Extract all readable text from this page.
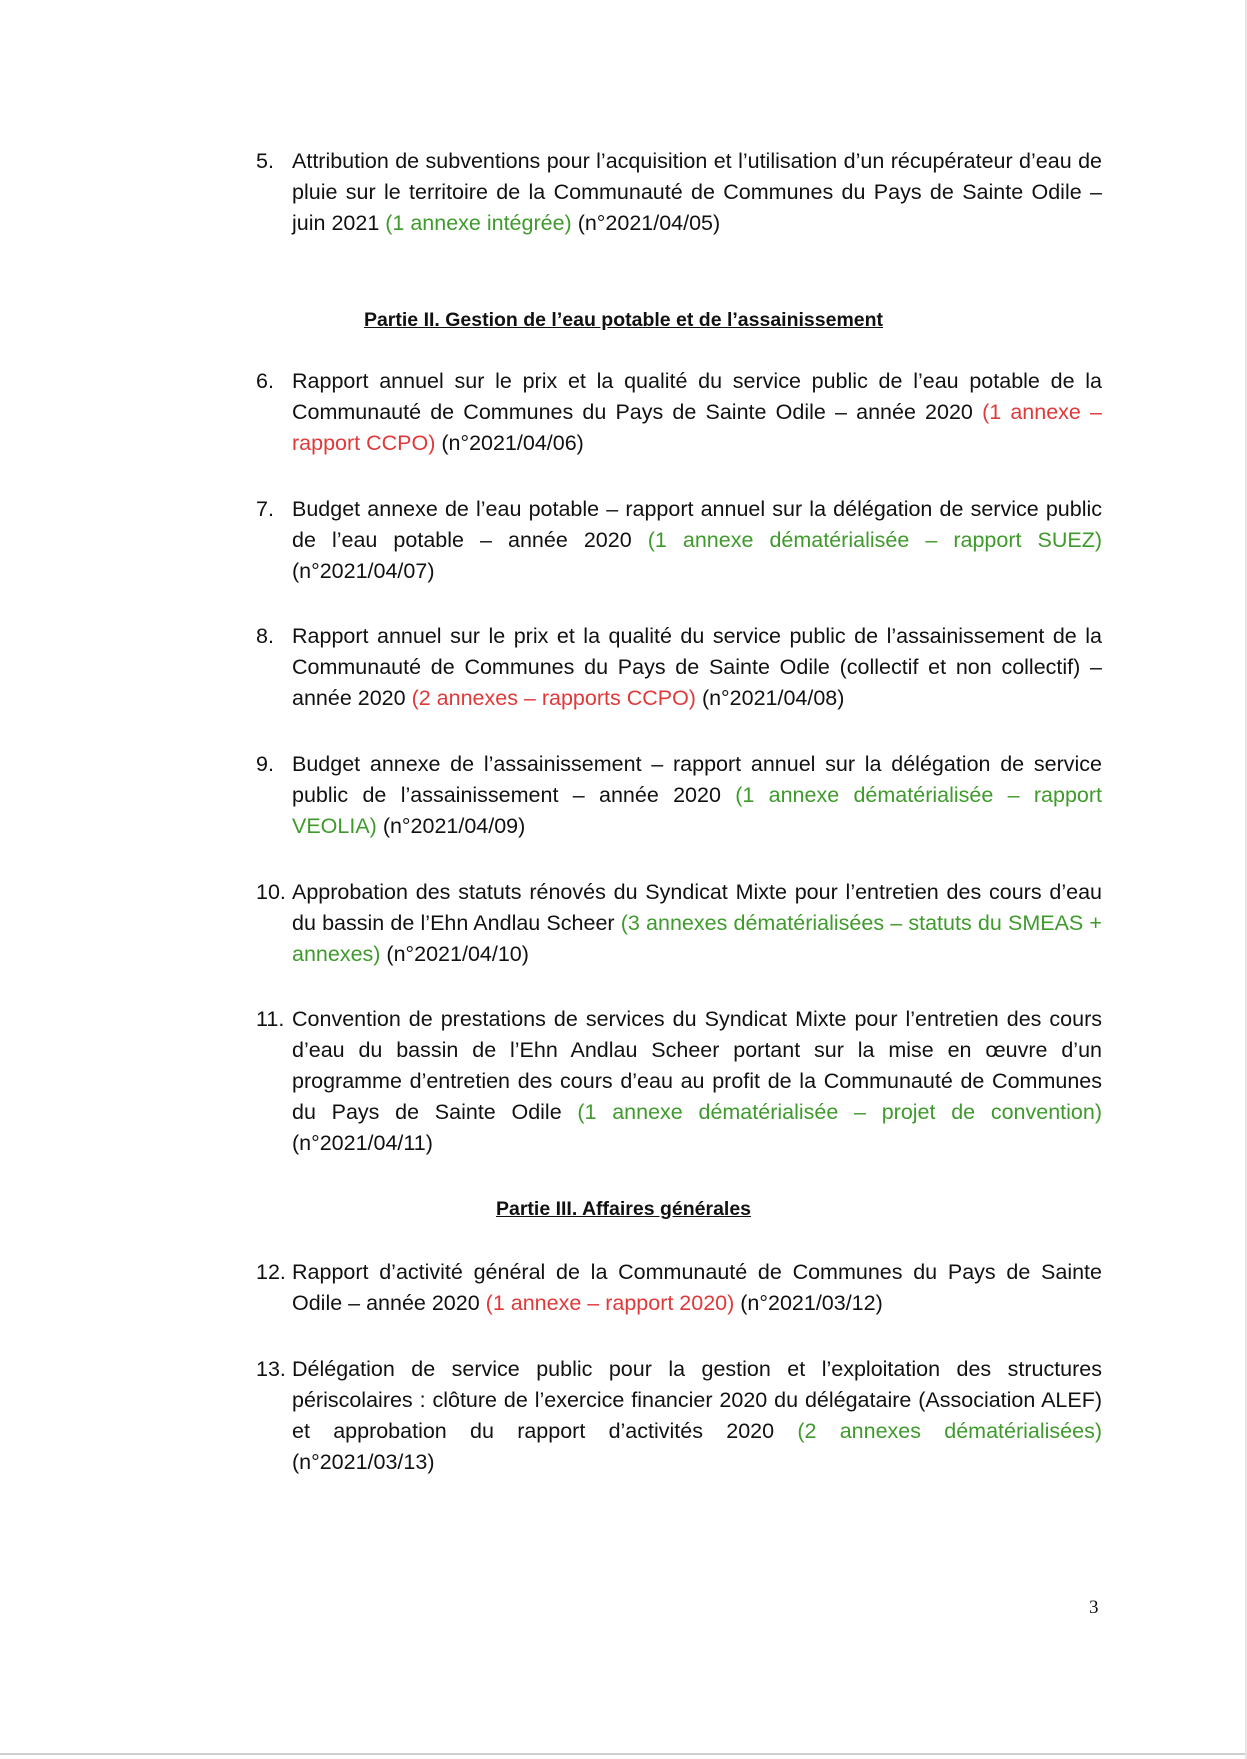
5. Attribution de subventions pour l’acquisition et l’utilisation d’un récupérateur d’eau de pluie sur le territoire de la Communauté de Communes du Pays de Sainte Odile – juin 2021 (1 annexe intégrée) (n°2021/04/05)
Partie II. Gestion de l’eau potable et de l’assainissement
6. Rapport annuel sur le prix et la qualité du service public de l’eau potable de la Communauté de Communes du Pays de Sainte Odile – année 2020 (1 annexe – rapport CCPO) (n°2021/04/06)
7. Budget annexe de l’eau potable – rapport annuel sur la délégation de service public de l’eau potable – année 2020 (1 annexe dématérialisée – rapport SUEZ) (n°2021/04/07)
8. Rapport annuel sur le prix et la qualité du service public de l’assainissement de la Communauté de Communes du Pays de Sainte Odile (collectif et non collectif) – année 2020 (2 annexes – rapports CCPO) (n°2021/04/08)
9. Budget annexe de l’assainissement – rapport annuel sur la délégation de service public de l’assainissement – année 2020 (1 annexe dématérialisée – rapport VEOLIA) (n°2021/04/09)
10. Approbation des statuts rénovés du Syndicat Mixte pour l’entretien des cours d’eau du bassin de l’Ehn Andlau Scheer (3 annexes dématérialisées – statuts du SMEAS + annexes) (n°2021/04/10)
11. Convention de prestations de services du Syndicat Mixte pour l’entretien des cours d’eau du bassin de l’Ehn Andlau Scheer portant sur la mise en œuvre d’un programme d’entretien des cours d’eau au profit de la Communauté de Communes du Pays de Sainte Odile (1 annexe dématérialisée – projet de convention) (n°2021/04/11)
Partie III. Affaires générales
12. Rapport d’activité général de la Communauté de Communes du Pays de Sainte Odile – année 2020 (1 annexe – rapport 2020) (n°2021/03/12)
13. Délégation de service public pour la gestion et l’exploitation des structures périscolaires : clôture de l’exercice financier 2020 du délégataire (Association ALEF) et approbation du rapport d’activités 2020 (2 annexes dématérialisées) (n°2021/03/13)
3
